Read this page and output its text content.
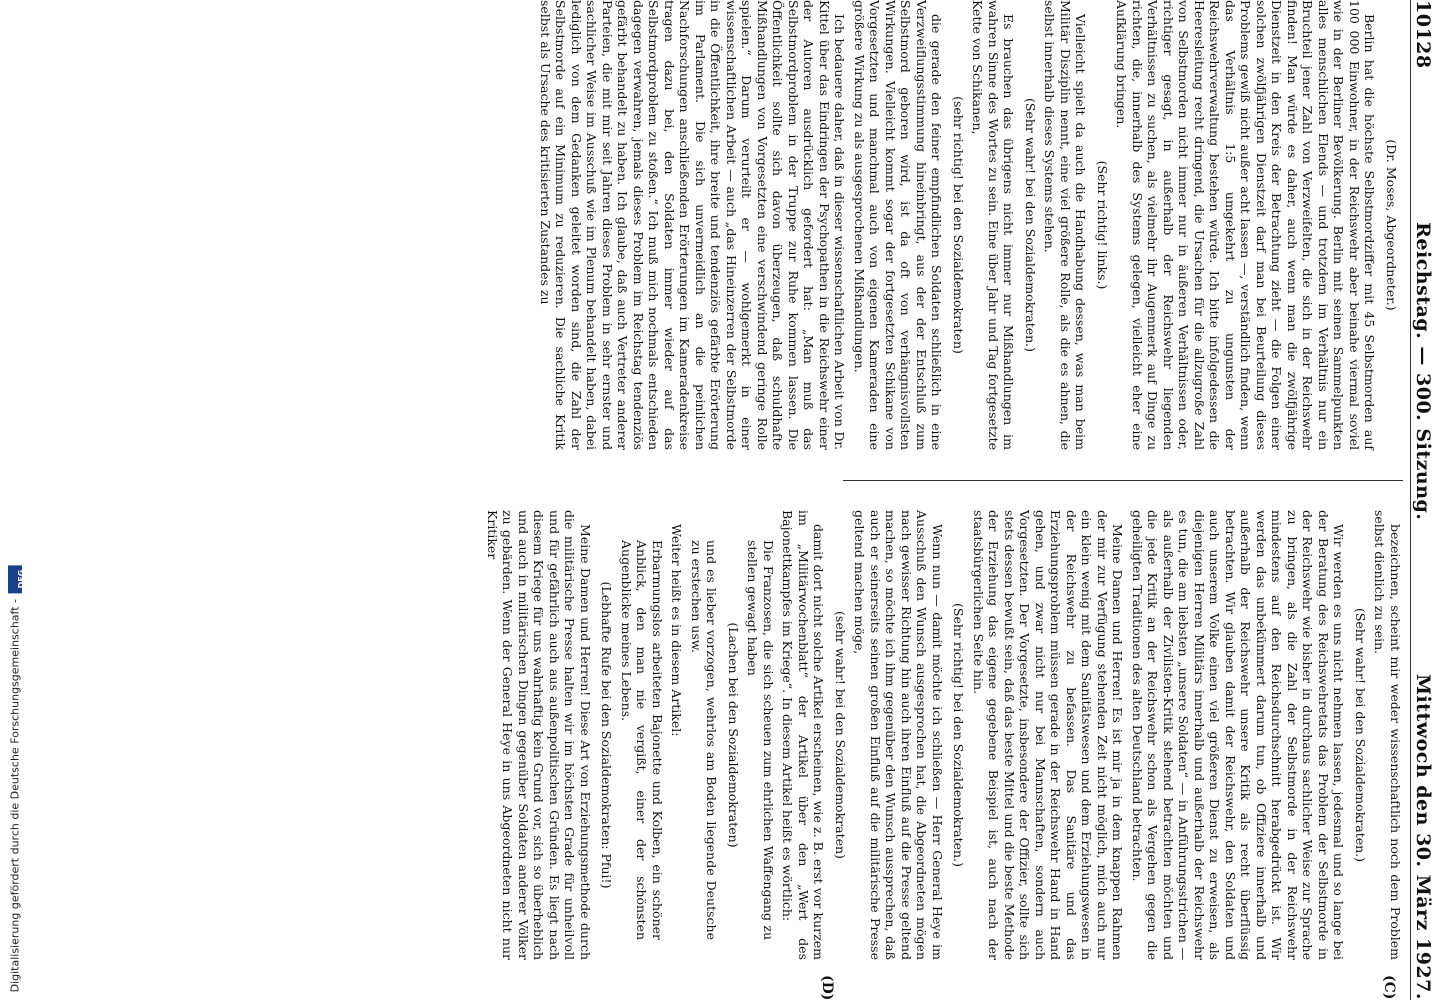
10128
Reichstag. — 300. Sitzung.
Mittwoch den 30. März 1927.
(C)
(D)

(Dr. Moses, Abgeordneter.)

Berlin hat die höchste Selbstmordziffer mit 45 Selbstmorden auf 100 000 Einwohner, in der Reichswehr aber beinahe viermal soviel wie in der Berliner Bevölkerung. Berlin mit seinen Sammelpunkten alles menschlichen Elends — und trotzdem im Verhältnis nur ein Bruchteil jener Zahl von Verzweifelten, die sich in der Reichswehr finden! Man würde es daher, auch wenn man die zwölfjährige Dienstzeit in den Kreis der Betrachtung zieht — die Folgen einer solchen zwölfjährigen Dienstzeit darf man bei Beurteilung dieses Problems gewiß nicht außer acht lassen —, verständlich finden, wenn das Verhältnis 1:5 umgekehrt zu ungunsten der Reichswehrverwaltung bestehen würde. Ich bitte infolgedessen die Heeresleitung recht dringend, die Ursachen für die allzugroße Zahl von Selbstmorden nicht immer nur in äußeren Verhältnissen oder, richtiger gesagt, in außerhalb der Reichswehr liegenden Verhältnissen zu suchen, als vielmehr ihr Augenmerk auf Dinge zu richten, die, innerhalb des Systems gelegen, vielleicht eher eine Aufklärung bringen.

(Sehr richtig! links.)

Vielleicht spielt da auch die Handhabung dessen, was man beim Militär Disziplin nennt, eine viel größere Rolle, als die es ahnen, die selbst innerhalb dieses Systems stehen.

(Sehr wahr! bei den Sozialdemokraten.)

Es brauchen das übrigens nicht immer nur Mißhandlungen im wahren Sinne des Wortes zu sein. Eine über Jahr und Tag fortgesetzte Kette von Schikanen,

(sehr richtig! bei den Sozialdemokraten)

die gerade den feiner empfindlichen Soldaten schließlich in eine Verzweiflungsstimmung hineinbringt, aus der der Entschluß zum Selbstmord geboren wird, ist da oft von verhängnisvollsten Wirkungen. Vielleicht kommt sogar der fortgesetzten Schikane von Vorgesetzten und manchmal auch von eigenen Kameraden eine größere Wirkung zu als ausgesprochenen Mißhandlungen.

Ich bedauere daher, daß in dieser wissenschaftlichen Arbeit von Dr. Kittel über das Eindringen der Psychopathen in die Reichswehr einer der Autoren ausdrücklich gefordert hat: „Man muß das Selbstmordproblem in der Truppe zur Ruhe kommen lassen. Die Öffentlichkeit sollte sich davon überzeugen, daß schuldhafte Mißhandlungen von Vorgesetzten eine verschwindend geringe Rolle spielen.“ Darum verurteilt er — wohlgemerkt in einer wissenschaftlichen Arbeit — auch „das Hineinzerren der Selbstmorde in die Öffentlichkeit, ihre breite und tendenziös gefärbte Erörterung im Parlament. Die sich unvermeidlich an die peinlichen Nachforschungen anschließenden Erörterungen im Kameradenkreise tragen dazu bei, den Soldaten immer wieder auf das Selbstmordproblem zu stoßen.“ Ich muß mich nochmals entschieden dagegen verwahren, jemals dieses Problem im Reichstag tendenziös gefärbt behandelt zu haben. Ich glaube, daß auch Vertreter anderer Parteien, die mit mir seit Jahren dieses Problem in sehr ernster und sachlicher Weise im Ausschuß wie im Plenum behandelt haben, dabei lediglich von dem Gedanken geleitet worden sind, die Zahl der Selbstmorde auf ein Minimum zu reduzieren. Die sachliche Kritik selbst als Ursache des kritisierten Zustandes zu

bezeichnen, scheint mir weder wissenschaftlich noch dem Problem selbst dienlich zu sein.

(Sehr wahr! bei den Sozialdemokraten.)

Wir werden es uns nicht nehmen lassen, jedesmal und so lange bei der Beratung des Reichswehretats das Problem der Selbstmorde in der Reichswehr wie bisher in durchaus sachlicher Weise zur Sprache zu bringen, als die Zahl der Selbstmorde in der Reichswehr mindestens auf den Reichsdurchschnitt herabgedrückt ist. Wir werden das unbekümmert darum tun, ob Offiziere innerhalb und außerhalb der Reichswehr unsere Kritik als recht überflüssig betrachten. Wir glauben damit der Reichswehr, den Soldaten und auch unserem Volke einen viel größeren Dienst zu erweisen, als diejenigen Herren Militärs innerhalb und außerhalb der Reichswehr es tun, die am liebsten „unsere Soldaten“ — in Anführungsstrichen — als außerhalb der Zivilisten-Kritik stehend betrachten möchten und die jede Kritik an der Reichswehr schon als Vergehen gegen die geheiligten Traditionen des alten Deutschland betrachten.

Meine Damen und Herren! Es ist mir ja in dem knappen Rahmen der mir zur Verfügung stehenden Zeit nicht möglich, mich auch nur ein klein wenig mit dem Sanitätswesen und dem Erziehungswesen in der Reichswehr zu befassen. Das Sanitäre und das Erziehungsproblem müssen gerade in der Reichswehr Hand in Hand gehen, und zwar nicht nur bei Mannschaften, sondern auch Vorgesetzten. Der Vorgesetzte, insbesondere der Offizier, sollte sich stets dessen bewußt sein, daß das beste Mittel und die beste Methode der Erziehung das eigene gegebene Beispiel ist, auch nach der staatsbürgerlichen Seite hin.

(Sehr richtig! bei den Sozialdemokraten.)

Wenn nun — damit möchte ich schließen — Herr General Heye im Ausschuß den Wunsch ausgesprochen hat, die Abgeordneten mögen nach gewisser Richtung hin auch ihren Einfluß auf die Presse geltend machen, so möchte ich ihm gegenüber den Wunsch aussprechen, daß auch er seinerseits seinen großen Einfluß auf die militärische Presse geltend machen möge,

(sehr wahr! bei den Sozialdemokraten)

damit dort nicht solche Artikel erscheinen, wie z. B. erst vor kurzem im „Militärwochenblatt“ der Artikel über den „Wert des Bajonettkampfes im Kriege“. In diesem Artikel heißt es wörtlich:

Die Franzosen, die sich scheuen zum ehrlichen Waffengang zu stellen gewagt haben

(Lachen bei den Sozialdemokraten)

und es lieber vorzogen, wehrlos am Boden liegende Deutsche zu erstechen usw.

Weiter heißt es in diesem Artikel:

Erbarmungslos arbeiteten Bajonette und Kolben, ein schöner Anblick, den man nie vergißt, einer der schönsten Augenblicke meines Lebens.

(Lebhafte Rufe bei den Sozialdemokraten: Pfui!)

Meine Damen und Herren! Diese Art von Erziehungsmethode durch die militärische Presse halten wir im höchsten Grade für unheilvoll und für gefährlich auch aus außenpolitischen Gründen. Es liegt nach diesem Kriege für uns wahrhaftig kein Grund vor, sich so überheblich und auch in militärischen Dingen gegenüber Soldaten anderer Völker zu gebärden. Wenn der General Heye in uns Abgeordneten nicht nur Kritiker

Digitalisierung gefördert durch die Deutsche Forschungsgemeinschaft -
DFG
